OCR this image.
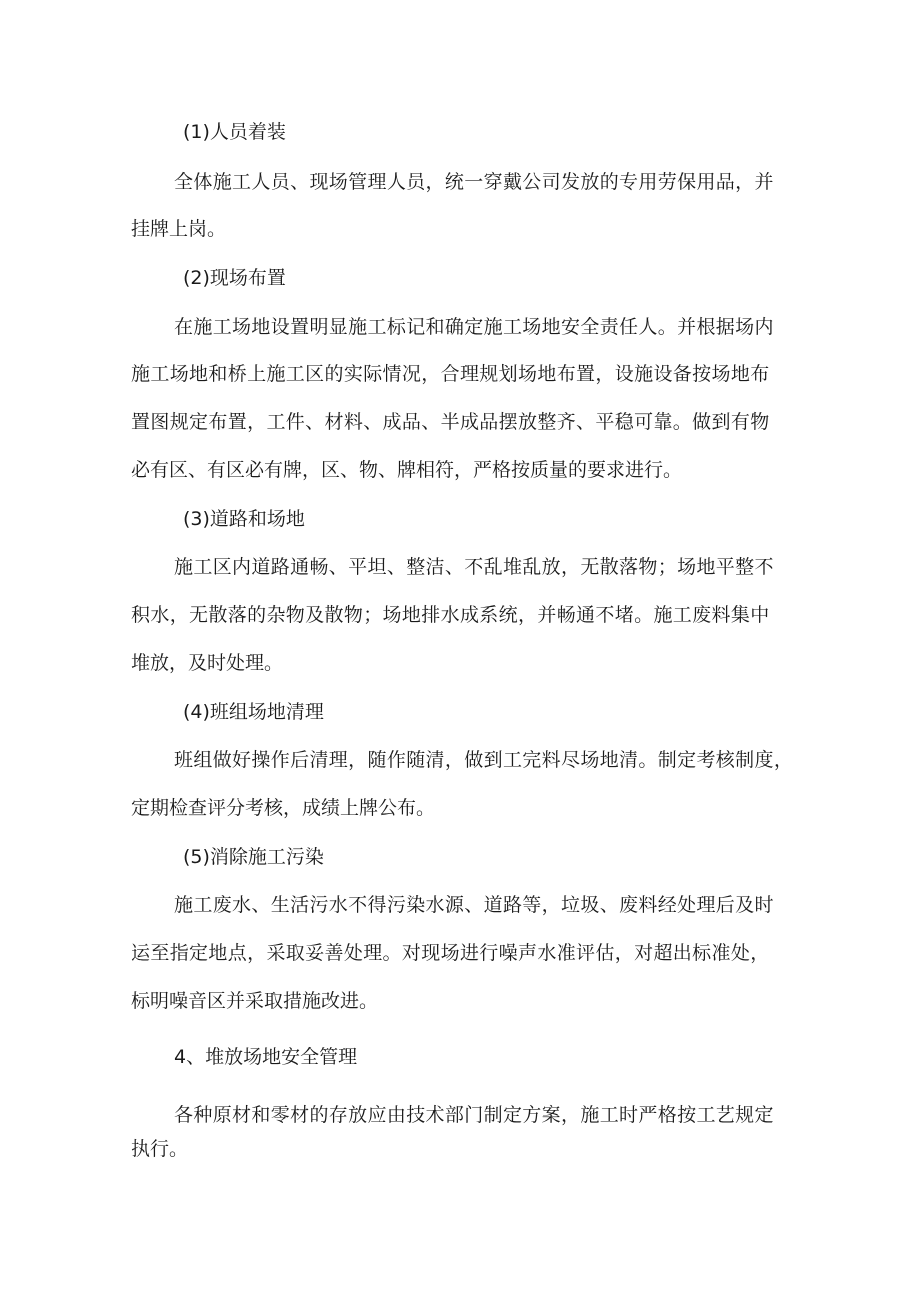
(1)人员着装
全体施工人员、现场管理人员，统一穿戴公司发放的专用劳保用品，并
挂牌上岗。
(2)现场布置
在施工场地设置明显施工标记和确定施工场地安全责任人。并根据场内
施工场地和桥上施工区的实际情况，合理规划场地布置，设施设备按场地布
置图规定布置，工件、材料、成品、半成品摆放整齐、平稳可靠。做到有物
必有区、有区必有牌，区、物、牌相符，严格按质量的要求进行。
(3)道路和场地
施工区内道路通畅、平坦、整洁、不乱堆乱放，无散落物；场地平整不
积水，无散落的杂物及散物；场地排水成系统，并畅通不堵。施工废料集中
堆放，及时处理。
(4)班组场地清理
班组做好操作后清理，随作随清，做到工完料尽场地清。制定考核制度，
定期检查评分考核，成绩上牌公布。
(5)消除施工污染
施工废水、生活污水不得污染水源、道路等，垃圾、废料经处理后及时
运至指定地点，采取妥善处理。对现场进行噪声水准评估，对超出标准处，
标明噪音区并采取措施改进。
4、堆放场地安全管理
各种原材和零材的存放应由技术部门制定方案，施工时严格按工艺规定
执行。
